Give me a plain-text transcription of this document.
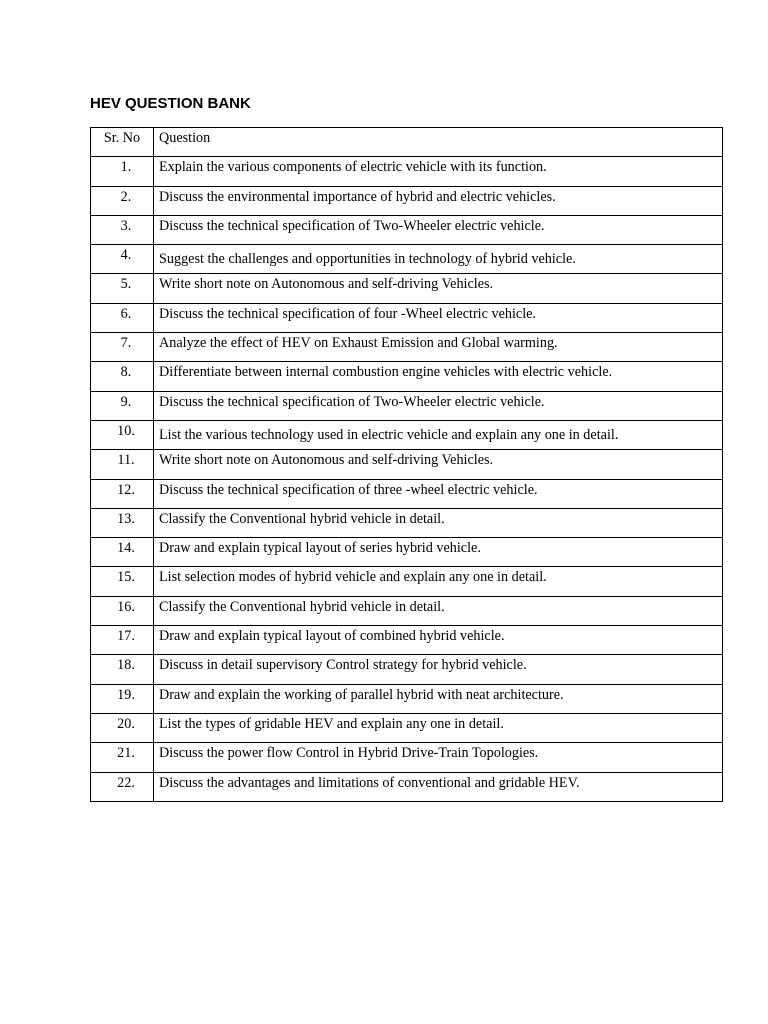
HEV QUESTION BANK
Sr. No	Question

1.	Explain the various components of electric vehicle with its function.

2.	Discuss the environmental importance of hybrid and electric vehicles.

3.	Discuss the technical specification of Two-Wheeler electric vehicle.

4.	Suggest the challenges and opportunities in technology of hybrid vehicle.

5.	Write short note on Autonomous and self-driving Vehicles.

6.	Discuss the technical specification of four -Wheel electric vehicle.

7.	Analyze the effect of HEV on Exhaust Emission and Global warming.

8.	Differentiate between internal combustion engine vehicles with electric vehicle.

9.	Discuss the technical specification of Two-Wheeler electric vehicle.

10.	List the various technology used in electric vehicle and explain any one in detail.

11.	Write short note on Autonomous and self-driving Vehicles.

12.	Discuss the technical specification of three -wheel electric vehicle.

13.	Classify the Conventional hybrid vehicle in detail.

14.	Draw and explain typical layout of series hybrid vehicle.

15.	List selection modes of hybrid vehicle and explain any one in detail.

16.	Classify the Conventional hybrid vehicle in detail.

17.	Draw and explain typical layout of combined hybrid vehicle.

18.	Discuss in detail supervisory Control strategy for hybrid vehicle.

19.	Draw and explain the working of parallel hybrid with neat architecture.

20.	List the types of gridable HEV and explain any one in detail.

21.	Discuss the power flow Control in Hybrid Drive-Train Topologies.

22.	Discuss the advantages and limitations of conventional and gridable HEV.
